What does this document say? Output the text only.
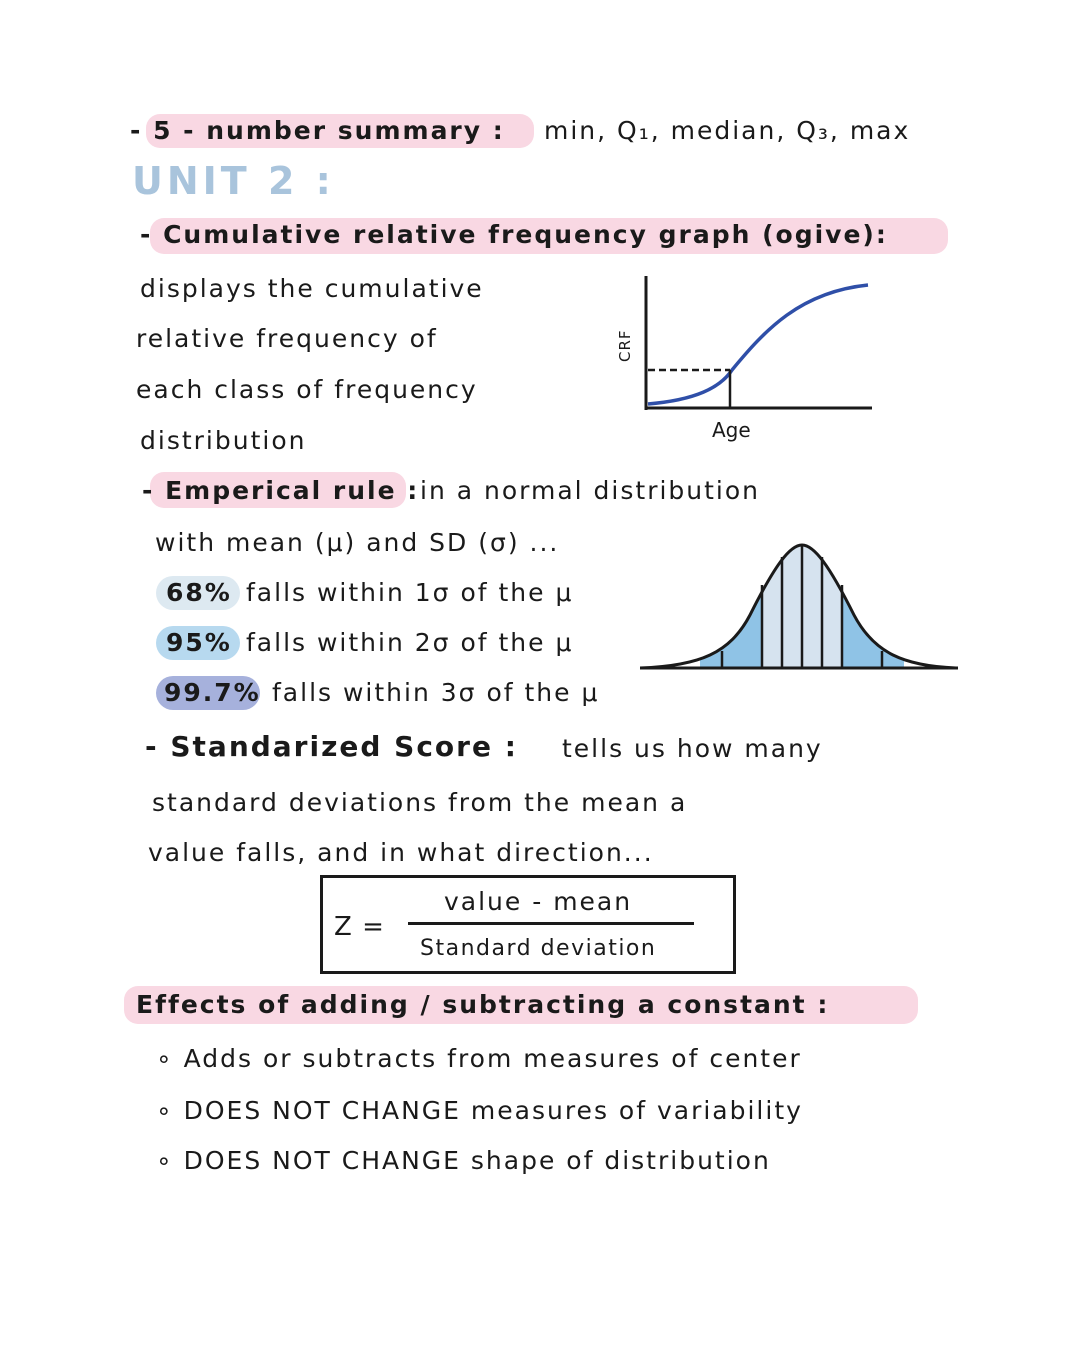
- 5 - number summary : min, Q₁, median, Q₃, max
UNIT 2 :
- Cumulative relative frequency graph (ogive):
displays the cumulative
relative frequency of
each class of frequency
distribution
CRF
Age
- Emperical rule : in a normal distribution
with mean (μ) and SD (σ) ...
68% falls within 1σ of the μ
95% falls within 2σ of the μ
99.7% falls within 3σ of the μ
- Standarized Score : tells us how many
standard deviations from the mean a
value falls, and in what direction...
Z =
value - mean
Standard deviation
Effects of adding / subtracting a constant :
∘ Adds or subtracts from measures of center
∘ DOES NOT CHANGE measures of variability
∘ DOES NOT CHANGE shape of distribution
